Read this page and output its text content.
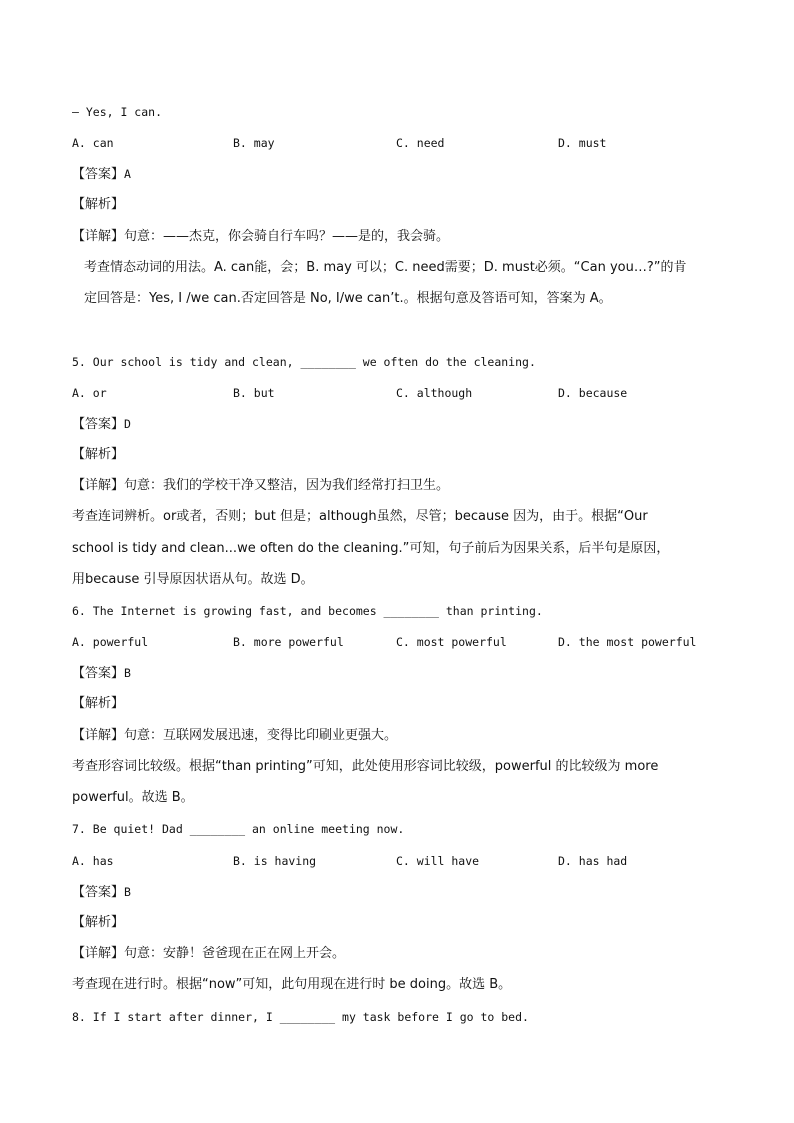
— Yes, I can.
A. can	B. may	C. need	D. must
【答案】A
【解析】
【详解】句意：——杰克，你会骑自行车吗？——是的，我会骑。
考查情态动词的用法。A. can能，会；B. may 可以；C. need需要；D. must必须。“Can you…?”的肯
定回答是：Yes, I /we can.否定回答是 No, I/we can’t.。根据句意及答语可知，答案为 A。
5. Our school is tidy and clean, ________ we often do the cleaning.
A. or	B. but	C. although	D. because
【答案】D
【解析】
【详解】句意：我们的学校干净又整洁，因为我们经常打扫卫生。
考查连词辨析。or或者，否则；but 但是；although虽然，尽管；because 因为，由于。根据“Our
school is tidy and clean...we often do the cleaning.”可知，句子前后为因果关系，后半句是原因，
用because 引导原因状语从句。故选 D。
6. The Internet is growing fast, and becomes ________ than printing.
A. powerful	B. more powerful	C. most powerful	D. the most powerful
【答案】B
【解析】
【详解】句意：互联网发展迅速，变得比印刷业更强大。
考查形容词比较级。根据“than printing”可知，此处使用形容词比较级，powerful 的比较级为 more
powerful。故选 B。
7. Be quiet! Dad ________ an online meeting now.
A. has	B. is having	C. will have	D. has had
【答案】B
【解析】
【详解】句意：安静！爸爸现在正在网上开会。
考查现在进行时。根据“now”可知，此句用现在进行时 be doing。故选 B。
8. If I start after dinner, I ________ my task before I go to bed.
